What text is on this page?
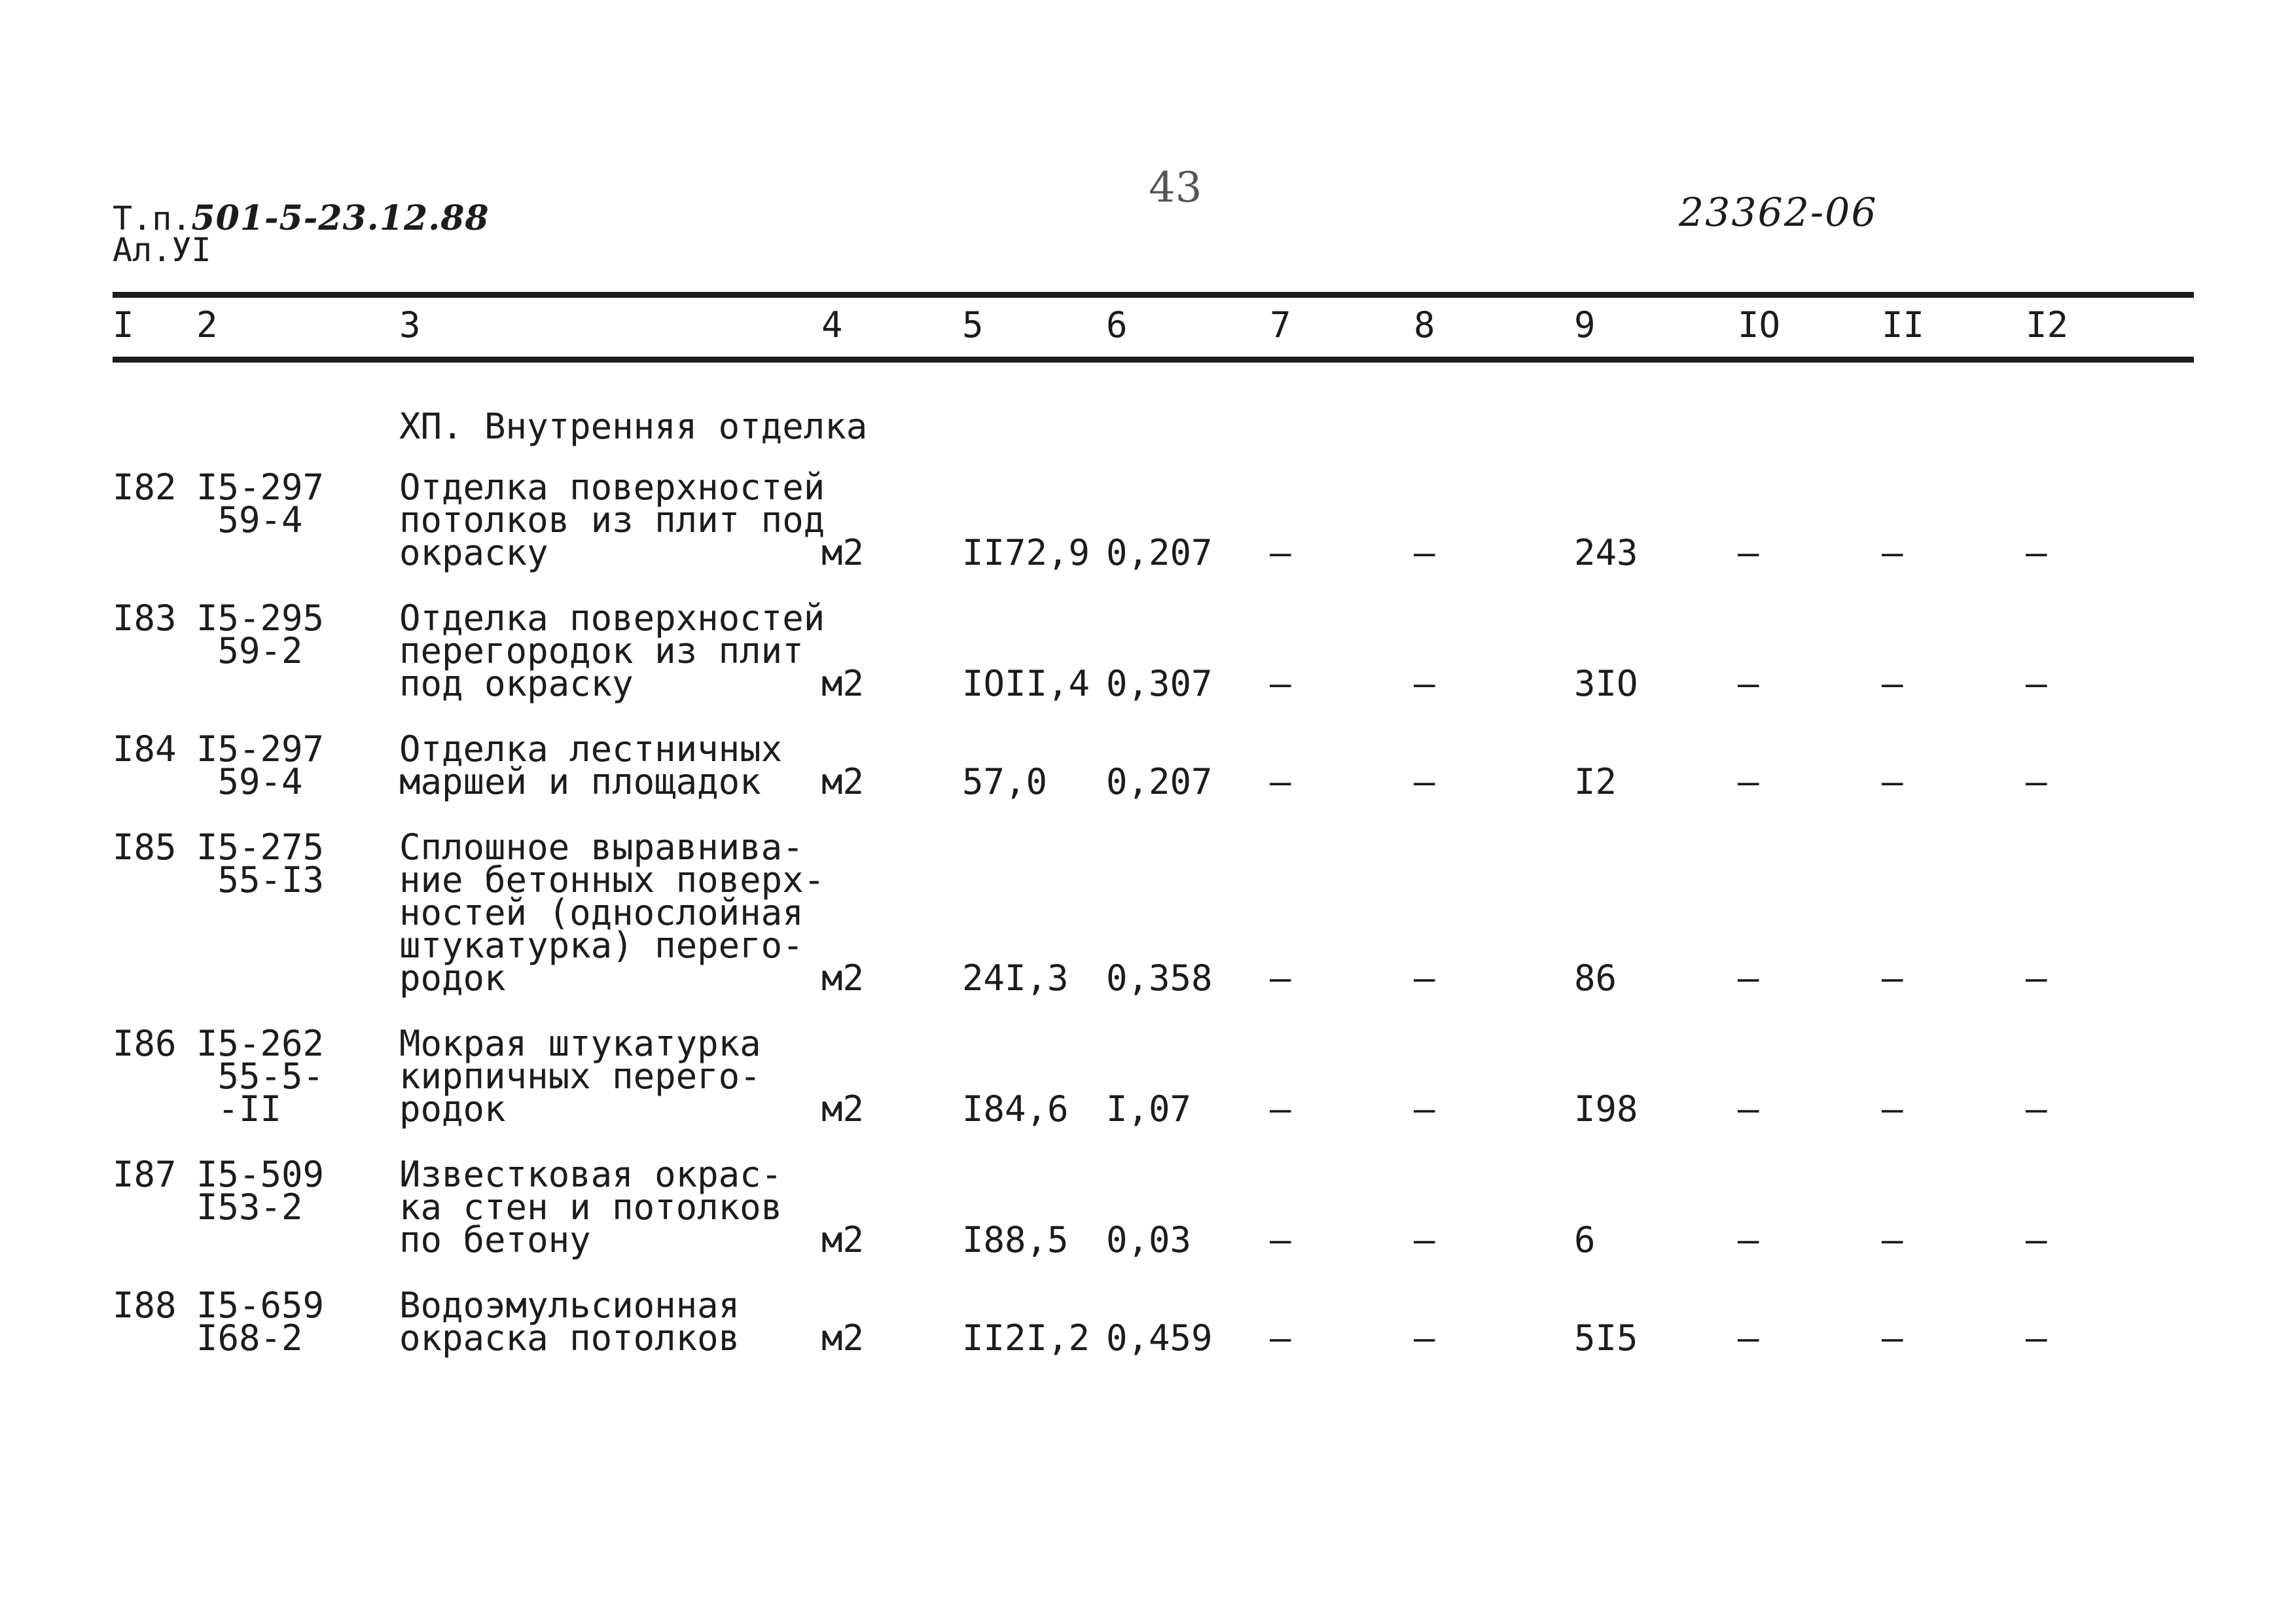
Т.п.501-5-23.12.88
Ал.УI
43
23362-06
I 2	3	4	5	6	7	8	9	IO	II	I2
XП. Внутренняя отделка
I82 I5-297
59-4
Отделка поверхностей
потолков из плит под
окраску	м2	II72,9 0,207 –	–	243	–	–	–
I83 I5-295
59-2
Отделка поверхностей
перегородок из плит
под окраску	м2	IOII,4 0,307 –	–	3IO	–	–	–
I84 I5-297
59-4
Отделка лестничных
маршей и площадок	м2	57,0 0,207 –	–	I2	–	–	–
I85 I5-275
55-I3
Сплошное выравнива-
ние бетонных поверх-
ностей (однослойная
штукатурка) перего-
родок	м2	24I,3 0,358 –	–	86	–	–	–
I86 I5-262
55-5-
-II
Мокрая штукатурка
кирпичных перего-
родок	м2	I84,6 I,07 –	–	I98	–	–	–
I87 I5-509
I53-2
Известковая окрас-
ка стен и потолков
по бетону	м2	I88,5 0,03 –	–	6	–	–	–
I88 I5-659
I68-2
Водоэмульсионная
окраска потолков м2	II2I,2 0,459 –	–	5I5	–	–	–
